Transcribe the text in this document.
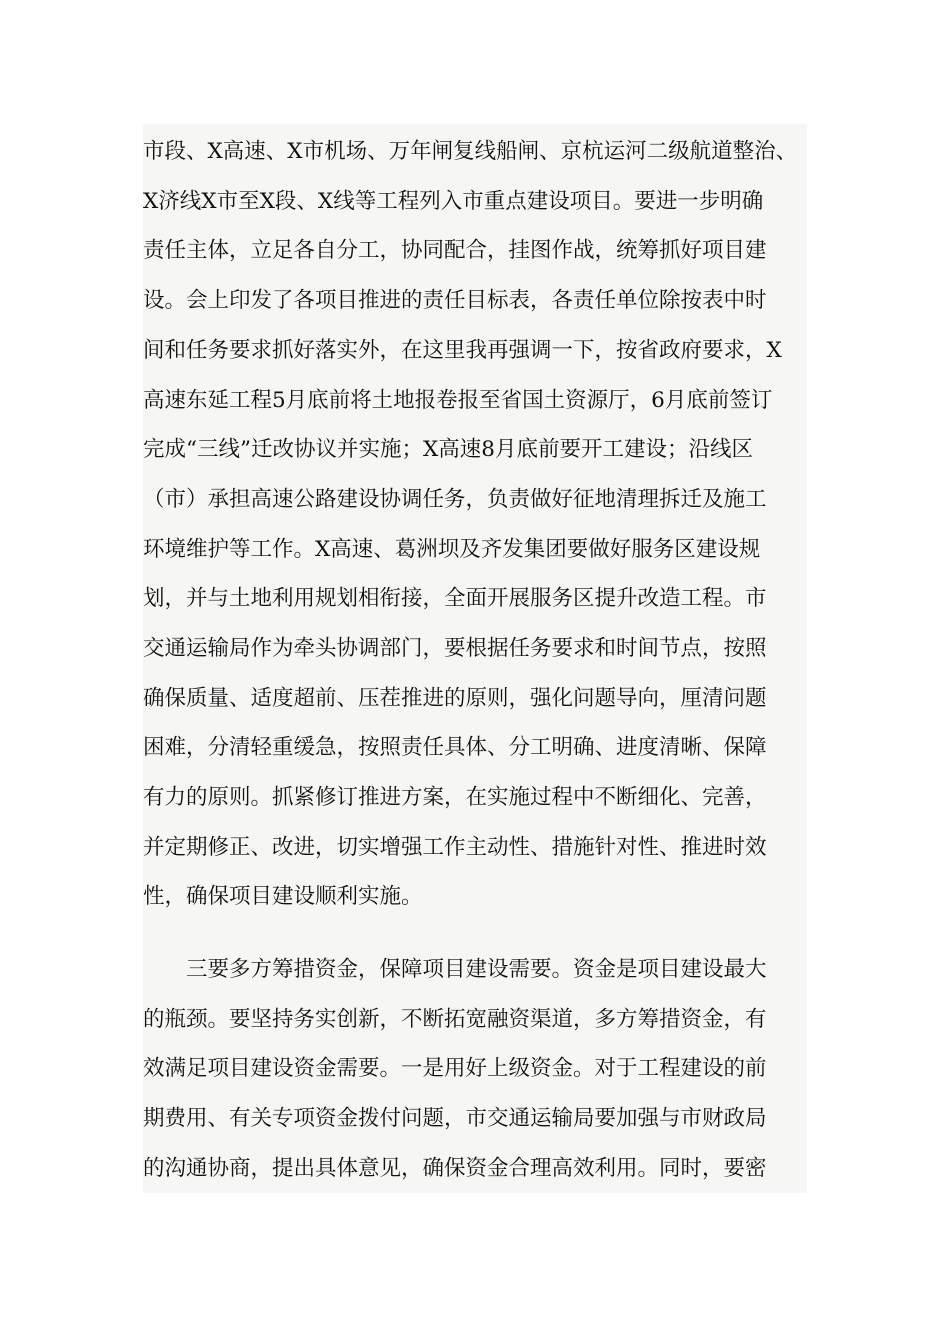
市段、X高速、X市机场、万年闸复线船闸、京杭运河二级航道整治、
X济线X市至X段、X线等工程列入市重点建设项目。要进一步明确
责任主体，立足各自分工，协同配合，挂图作战，统筹抓好项目建
设。会上印发了各项目推进的责任目标表，各责任单位除按表中时
间和任务要求抓好落实外，在这里我再强调一下，按省政府要求，X
高速东延工程5月底前将土地报卷报至省国土资源厅，6月底前签订
完成“三线”迁改协议并实施；X高速8月底前要开工建设；沿线区
（市）承担高速公路建设协调任务，负责做好征地清理拆迁及施工
环境维护等工作。X高速、葛洲坝及齐发集团要做好服务区建设规
划，并与土地利用规划相衔接，全面开展服务区提升改造工程。市
交通运输局作为牵头协调部门，要根据任务要求和时间节点，按照
确保质量、适度超前、压茬推进的原则，强化问题导向，厘清问题
困难，分清轻重缓急，按照责任具体、分工明确、进度清晰、保障
有力的原则。抓紧修订推进方案，在实施过程中不断细化、完善，
并定期修正、改进，切实增强工作主动性、措施针对性、推进时效
性，确保项目建设顺利实施。
三要多方筹措资金，保障项目建设需要。资金是项目建设最大
的瓶颈。要坚持务实创新，不断拓宽融资渠道，多方筹措资金，有
效满足项目建设资金需要。一是用好上级资金。对于工程建设的前
期费用、有关专项资金拨付问题，市交通运输局要加强与市财政局
的沟通协商，提出具体意见，确保资金合理高效利用。同时，要密
